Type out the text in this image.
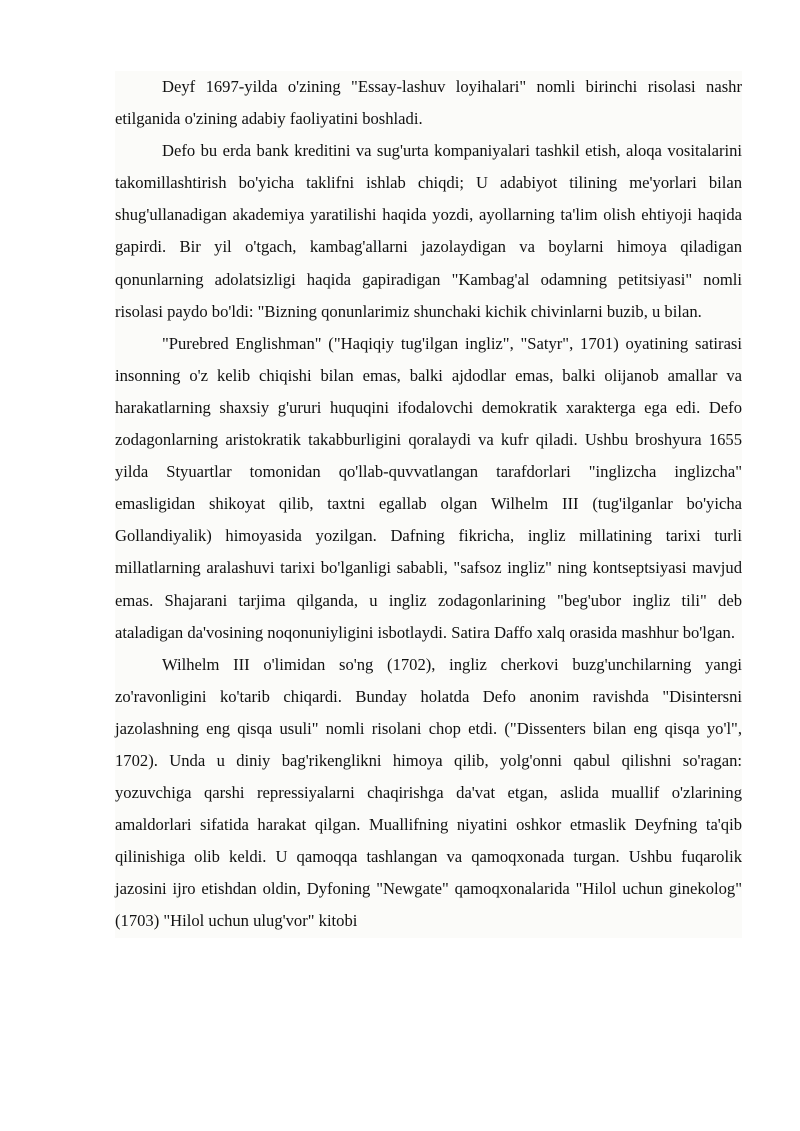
Deyf 1697-yilda o'zining "Essay-lashuv loyihalari" nomli birinchi risolasi nashr etilganida o'zining adabiy faoliyatini boshladi.

Defo bu erda bank kreditini va sug'urta kompaniyalari tashkil etish, aloqa vositalarini takomillashtirish bo'yicha taklifni ishlab chiqdi; U adabiyot tilining me'yorlari bilan shug'ullanadigan akademiya yaratilishi haqida yozdi, ayollarning ta'lim olish ehtiyoji haqida gapirdi. Bir yil o'tgach, kambag'allarni jazolaydigan va boylarni himoya qiladigan qonunlarning adolatsizligi haqida gapiradigan "Kambag'al odamning petitsiyasi" nomli risolasi paydo bo'ldi: "Bizning qonunlarimiz shunchaki kichik chivinlarni buzib, u bilan.

"Purebred Englishman" ("Haqiqiy tug'ilgan ingliz", "Satyr", 1701) oyatining satirasi insonning o'z kelib chiqishi bilan emas, balki ajdodlar emas, balki olijanob amallar va harakatlarning shaxsiy g'ururi huquqini ifodalovchi demokratik xarakterga ega edi. Defo zodagonlarning aristokratik takabburligini qoralaydi va kufr qiladi. Ushbu broshyura 1655 yilda Styuartlar tomonidan qo'llab-quvvatlangan tarafdorlari "inglizcha inglizcha" emasligidan shikoyat qilib, taxtni egallab olgan Wilhelm III (tug'ilganlar bo'yicha Gollandiyalik) himoyasida yozilgan. Dafning fikricha, ingliz millatining tarixi turli millatlarning aralashuvi tarixi bo'lganligi sababli, "safsoz ingliz" ning kontseptsiyasi mavjud emas. Shajarani tarjima qilganda, u ingliz zodagonlarining "beg'ubor ingliz tili" deb ataladigan da'vosining noqonuniyligini isbotlaydi. Satira Daffo xalq orasida mashhur bo'lgan.

Wilhelm III o'limidan so'ng (1702), ingliz cherkovi buzg'unchilarning yangi zo'ravonligini ko'tarib chiqardi. Bunday holatda Defo anonim ravishda "Disintersni jazolashning eng qisqa usuli" nomli risolani chop etdi. ("Dissenters bilan eng qisqa yo'l", 1702). Unda u diniy bag'rikenglikni himoya qilib, yolg'onni qabul qilishni so'ragan: yozuvchiga qarshi repressiyalarni chaqirishga da'vat etgan, aslida muallif o'zlarining amaldorlari sifatida harakat qilgan. Muallifning niyatini oshkor etmaslik Deyfning ta'qib qilinishiga olib keldi. U qamoqqa tashlangan va qamoqxonada turgan. Ushbu fuqarolik jazosini ijro etishdan oldin, Dyfoning "Newgate" qamoqxonalarida "Hilol uchun ginekolog" (1703) "Hilol uchun ulug'vor" kitobi
